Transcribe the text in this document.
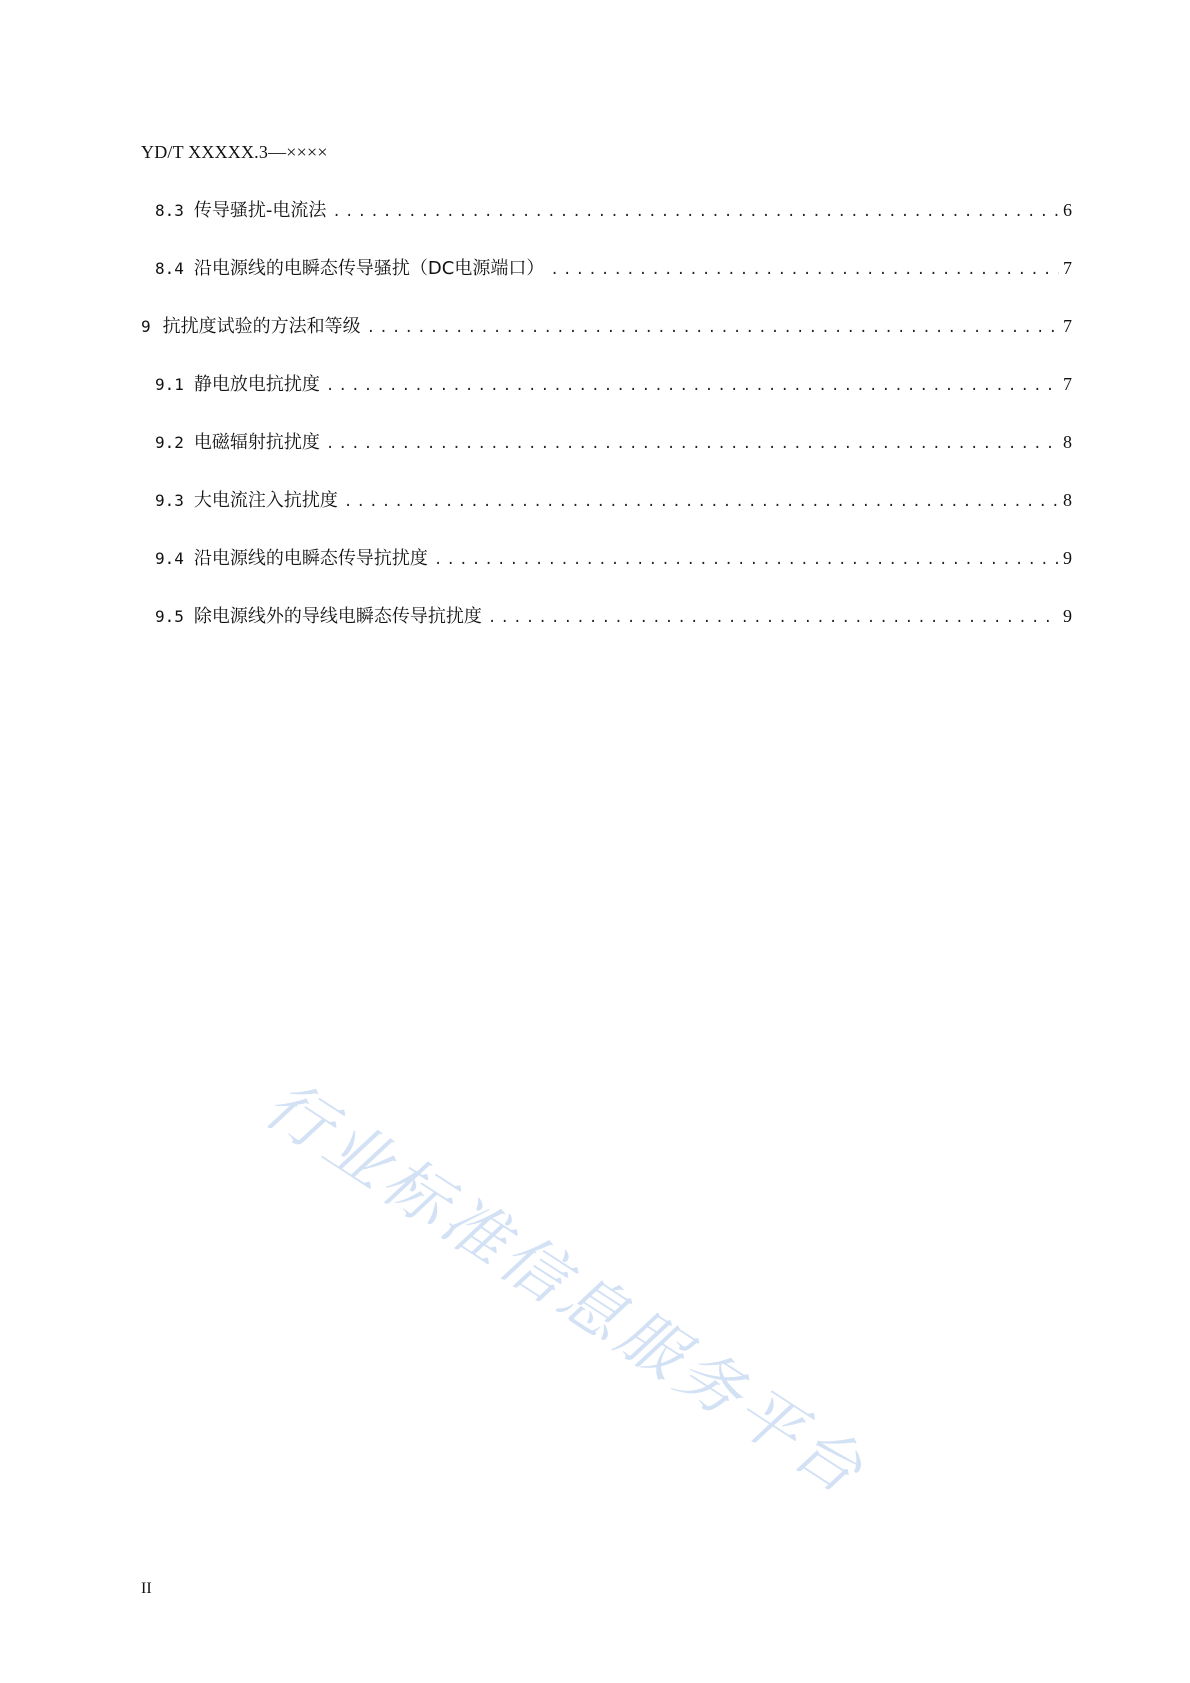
YD/T XXXXX.3—××××
8.3 传导骚扰-电流法 .....	6
8.4 沿电源线的电瞬态传导骚扰（DC电源端口） .....	7
9 抗扰度试验的方法和等级 .....	7
9.1 静电放电抗扰度 .....	7
9.2 电磁辐射抗扰度 .....	8
9.3 大电流注入抗扰度 .....	8
9.4 沿电源线的电瞬态传导抗扰度 .....	9
9.5 除电源线外的导线电瞬态传导抗扰度 .....	9
行业标准信息服务平台
II
